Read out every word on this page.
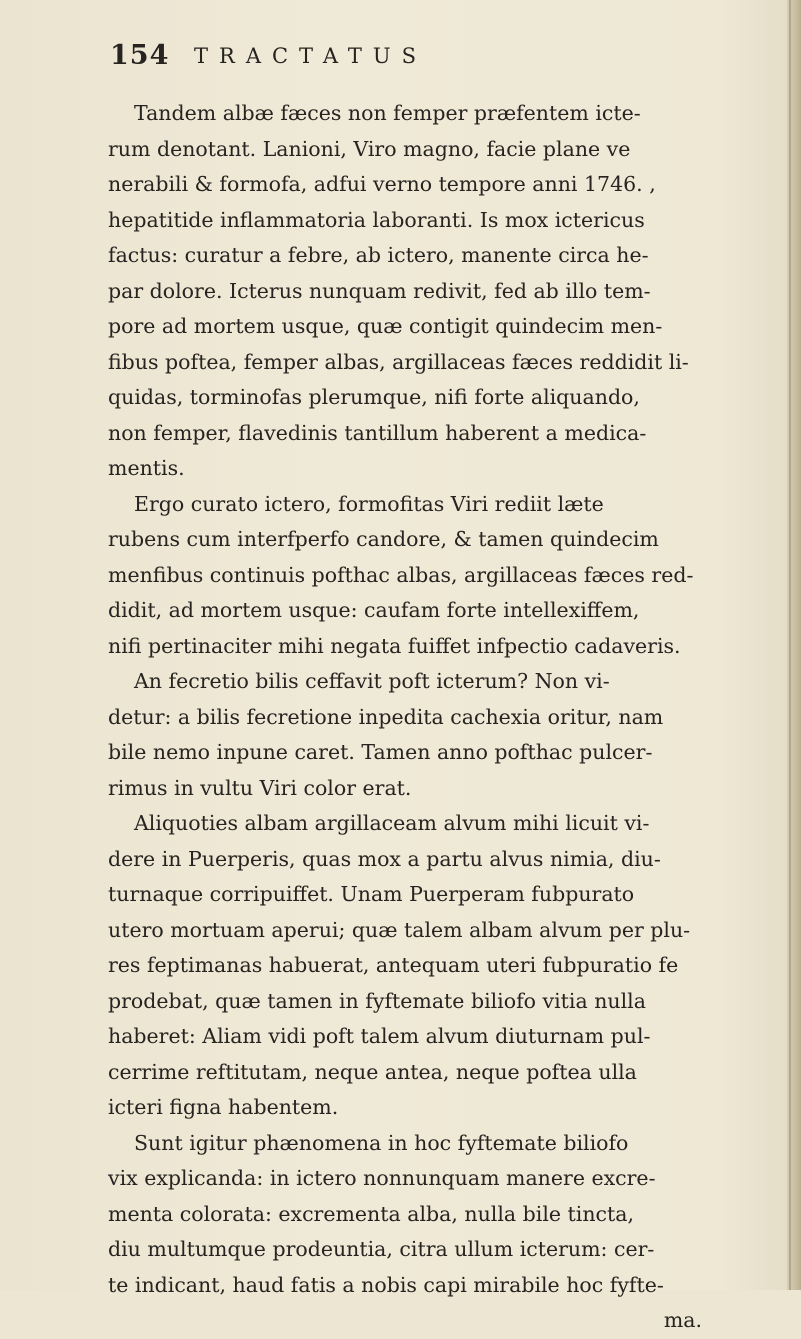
154 TRACTATUS
Tandem albæ fæces non femper præfentem icte-
rum denotant. Lanioni, Viro magno, facie plane ve
nerabili & formofa, adfui verno tempore anni 1746. ,
hepatitide inflammatoria laboranti. Is mox ictericus
factus: curatur a febre, ab ictero, manente circa he-
par dolore. Icterus nunquam redivit, fed ab illo tem-
pore ad mortem usque, quæ contigit quindecim men-
fibus poftea, femper albas, argillaceas fæces reddidit li-
quidas, torminofas plerumque, nifi forte aliquando,
non femper, flavedinis tantillum haberent a medica-
mentis.
Ergo curato ictero, formofitas Viri rediit læte
rubens cum interfperfo candore, & tamen quindecim
menfibus continuis pofthac albas, argillaceas fæces red-
didit, ad mortem usque: caufam forte intellexiffem,
nifi pertinaciter mihi negata fuiffet infpectio cadaveris.
An fecretio bilis ceffavit poft icterum? Non vi-
detur: a bilis fecretione inpedita cachexia oritur, nam
bile nemo inpune caret. Tamen anno pofthac pulcer-
rimus in vultu Viri color erat.
Aliquoties albam argillaceam alvum mihi licuit vi-
dere in Puerperis, quas mox a partu alvus nimia, diu-
turnaque corripuiffet. Unam Puerperam fubpurato
utero mortuam aperui; quæ talem albam alvum per plu-
res feptimanas habuerat, antequam uteri fubpuratio fe
prodebat, quæ tamen in fyftemate biliofo vitia nulla
haberet: Aliam vidi poft talem alvum diuturnam pul-
cerrime reftitutam, neque antea, neque poftea ulla
icteri figna habentem.
Sunt igitur phænomena in hoc fyftemate biliofo
vix explicanda: in ictero nonnunquam manere excre-
menta colorata: excrementa alba, nulla bile tincta,
diu multumque prodeuntia, citra ullum icterum: cer-
te indicant, haud fatis a nobis capi mirabile hoc fyfte-
ma.
